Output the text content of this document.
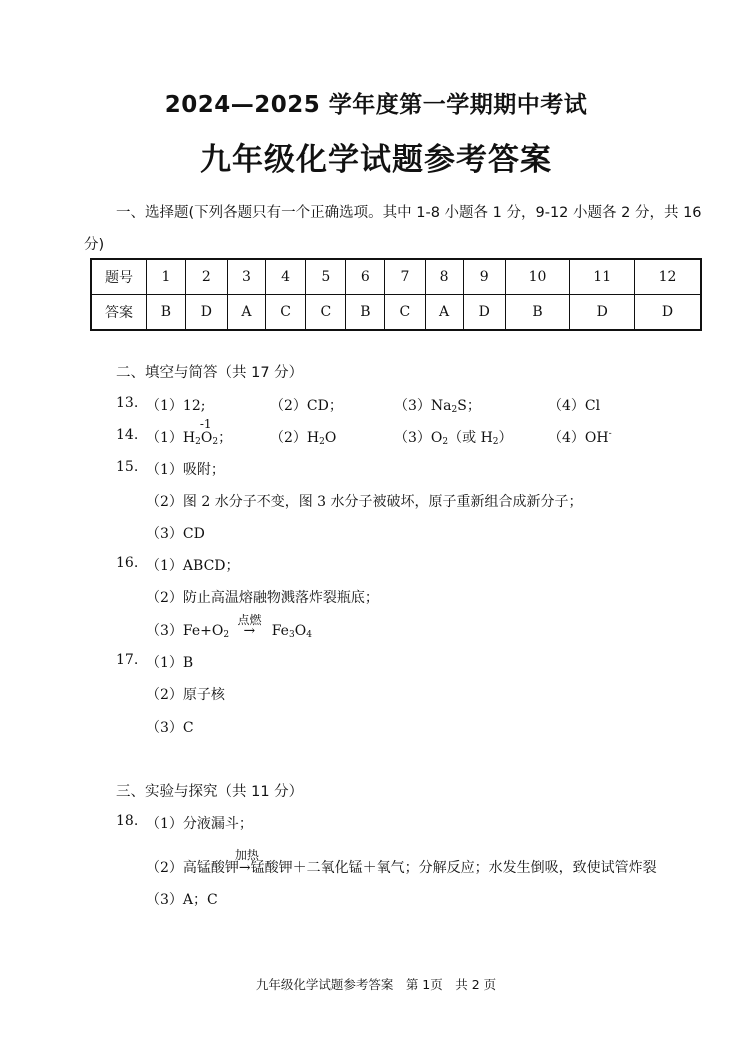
2024—2025 学年度第一学期期中考试
九年级化学试题参考答案
一、选择题(下列各题只有一个正确选项。其中 1-8 小题各 1 分，9-12 小题各 2 分，共 16
分)
题号	1	2	3	4	5	6	7	8	9	10	11	12
答案	B	D	A	C	C	B	C	A	D	B	D	D
二、填空与简答（共 17 分）
13. （1）12;	（2）CD；	（3）Na2S；	（4）Cl
14. （1）H2
-1
O2；	（2）H2O	（3）O2（或 H2）	（4）OH-
15. （1）吸附；
（2）图 2 水分子不变，图 3 水分子被破坏，原子重新组合成新分子；
（3）CD
16. （1）ABCD；
（2）防止高温熔融物溅落炸裂瓶底；
（3）Fe+O2
点燃
→ Fe3O4
17. （1）B
（2）原子核
（3）C
三、实验与探究（共 11 分）
18. （1）分液漏斗；
（2）高锰酸钾
加热
→锰酸钾＋二氧化锰＋氧气；分解反应；水发生倒吸，致使试管炸裂
（3）A；C
九年级化学试题参考答案　第 1页　共 2 页
